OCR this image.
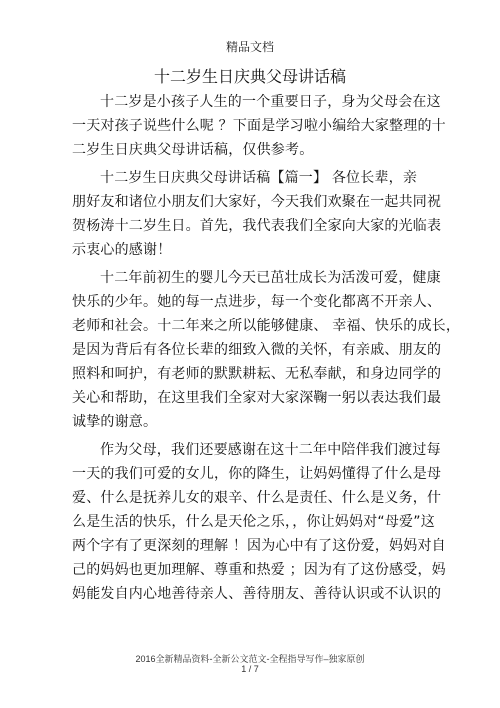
精品文档
十二岁生日庆典父母讲话稿
十二岁是小孩子人生的一个重要日子，身为父母会在这
一天对孩子说些什么呢 ？下面是学习啦小编给大家整理的十
二岁生日庆典父母讲话稿，仅供参考。
十二岁生日庆典父母讲话稿【篇一】 各位长辈，亲
朋好友和诸位小朋友们大家好，今天我们欢聚在一起共同祝
贺杨涛十二岁生日。首先，我代表我们全家向大家的光临表
示衷心的感谢！
十二年前初生的婴儿今天已茁壮成长为活泼可爱，健康
快乐的少年。她的每一点进步，每一个变化都离不开亲人、
老师和社会。十二年来之所以能够健康、 幸福、快乐的成长，
是因为背后有各位长辈的细致入微的关怀，有亲戚、朋友的
照料和呵护，有老师的默默耕耘、无私奉献，和身边同学的
关心和帮助，在这里我们全家对大家深鞠一躬以表达我们最
诚挚的谢意。
作为父母，我们还要感谢在这十二年中陪伴我们渡过每
一天的我们可爱的女儿，你的降生，让妈妈懂得了什么是母
爱、什么是抚养儿女的艰辛、什么是责任、什么是义务，什
么是生活的快乐，什么是天伦之乐，，你让妈妈对“母爱”这
两个字有了更深刻的理解 ！因为心中有了这份爱，妈妈对自
己的妈妈也更加理解、尊重和热爱 ；因为有了这份感受，妈
妈能发自内心地善待亲人、善待朋友、善待认识或不认识的
2016全新精品资料-全新公文范文-全程指导写作–独家原创
1 / 7
